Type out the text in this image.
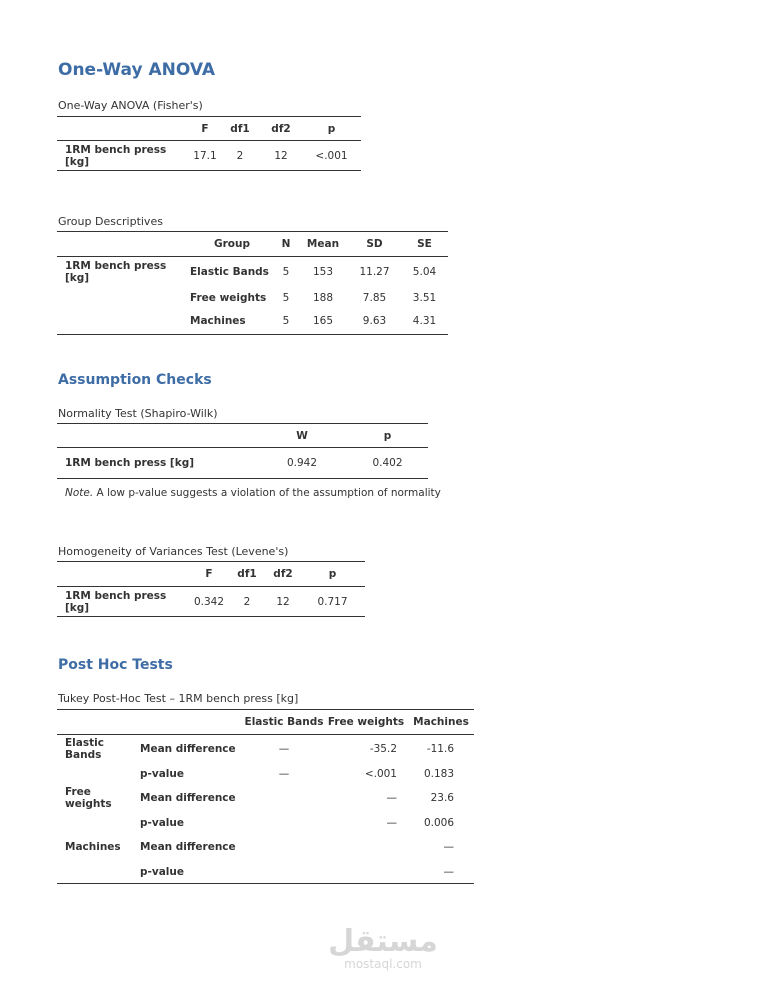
One-Way ANOVA
One-Way ANOVA (Fisher's)
	F	df1	df2	p
1RM bench press [kg]	17.1	2	12	<.001
Group Descriptives
	Group	N	Mean	SD	SE
1RM bench press [kg]	Elastic Bands	5	153	11.27	5.04
	Free weights	5	188	7.85	3.51
	Machines	5	165	9.63	4.31
Assumption Checks
Normality Test (Shapiro-Wilk)
	W	p
1RM bench press [kg]	0.942	0.402
Note. A low p-value suggests a violation of the assumption of normality
Homogeneity of Variances Test (Levene's)
	F	df1	df2	p
1RM bench press [kg]	0.342	2	12	0.717
Post Hoc Tests
Tukey Post-Hoc Test – 1RM bench press [kg]
		Elastic Bands	Free weights	Machines
Elastic Bands	Mean difference	—	-35.2	-11.6
	p-value	—	<.001	0.183
Free weights	Mean difference		—	23.6
	p-value		—	0.006
Machines	Mean difference			—
	p-value			—
مستقل
mostaql.com
